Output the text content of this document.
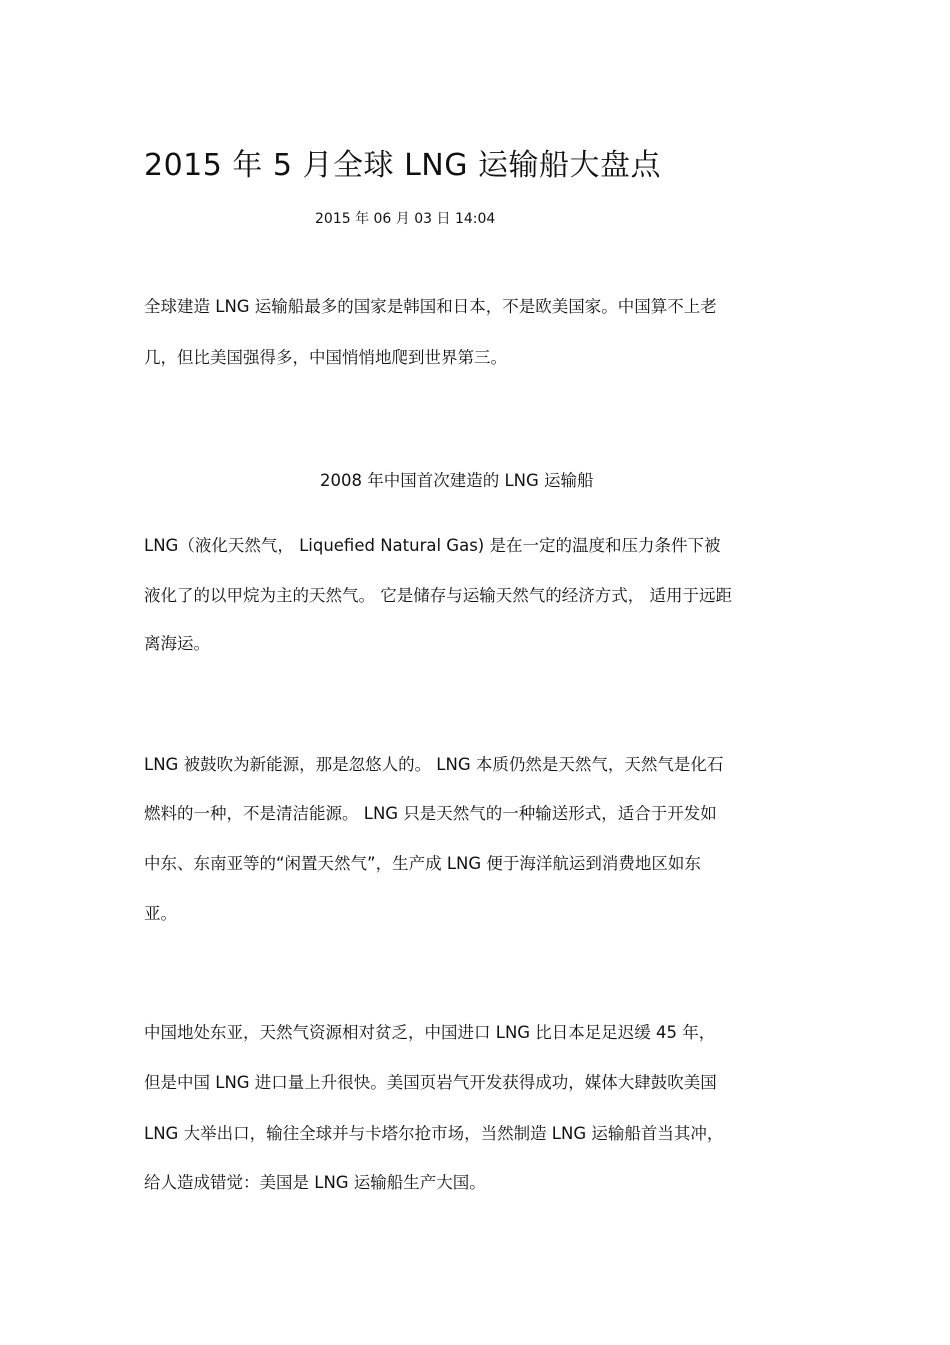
2015 年 5 月全球 LNG 运输船大盘点
2015 年 06 月 03 日 14:04
全球建造 LNG 运输船最多的国家是韩国和日本，不是欧美国家。中国算不上老
几，但比美国强得多，中国悄悄地爬到世界第三。
2008 年中国首次建造的 LNG 运输船
LNG（液化天然气， Liquefied Natural Gas) 是在一定的温度和压力条件下被
液化了的以甲烷为主的天然气。 它是储存与运输天然气的经济方式， 适用于远距
离海运。
LNG 被鼓吹为新能源，那是忽悠人的。 LNG 本质仍然是天然气，天然气是化石
燃料的一种，不是清洁能源。 LNG 只是天然气的一种输送形式，适合于开发如
中东、东南亚等的“闲置天然气”，生产成 LNG 便于海洋航运到消费地区如东
亚。
中国地处东亚，天然气资源相对贫乏，中国进口 LNG 比日本足足迟缓 45 年，
但是中国 LNG 进口量上升很快。美国页岩气开发获得成功，媒体大肆鼓吹美国
LNG 大举出口，输往全球并与卡塔尔抢市场，当然制造 LNG 运输船首当其冲，
给人造成错觉：美国是 LNG 运输船生产大国。
